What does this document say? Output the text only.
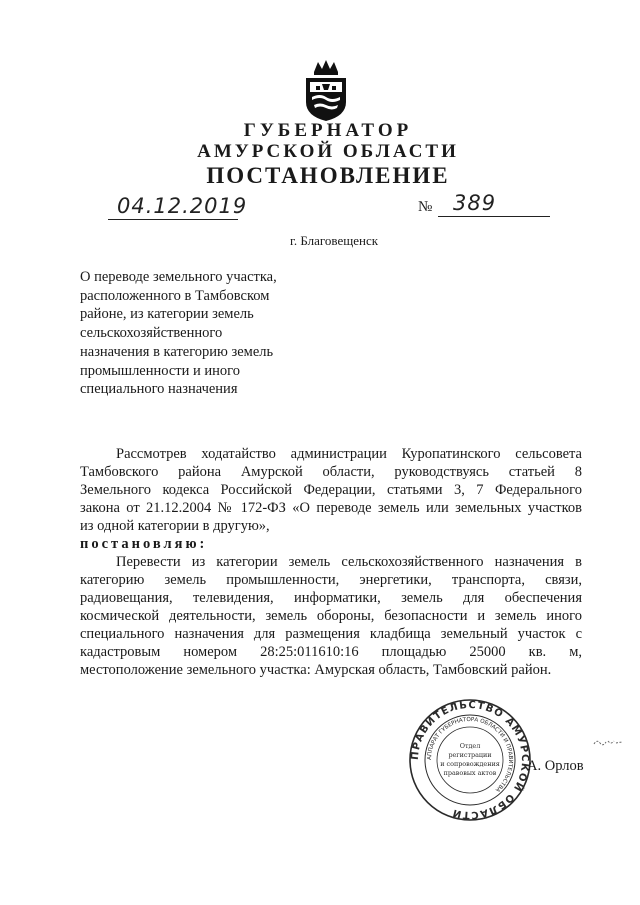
ГУБЕРНАТОР
АМУРСКОЙ ОБЛАСТИ
ПОСТАНОВЛЕНИЕ
04.12.2019	№ 389
г. Благовещенск
О переводе земельного участка,
расположенного в Тамбовском
районе, из категории земель
сельскохозяйственного
назначения в категорию земель
промышленности и иного
специального назначения
Рассмотрев ходатайство администрации Куропатинского сельсовета
Тамбовского района Амурской области, руководствуясь статьей 8
Земельного кодекса Российской Федерации, статьями 3, 7 Федерального
закона от 21.12.2004 № 172-ФЗ «О переводе земель или земельных участков
из одной категории в другую»,
постановляю:
Перевести из категории земель сельскохозяйственного назначения в
категорию земель промышленности, энергетики, транспорта, связи,
радиовещания, телевидения, информатики, земель для обеспечения
космической деятельности, земель обороны, безопасности и земель иного
специального назначения для размещения кладбища земельный участок с
кадастровым номером 28:25:011610:16 площадью 25000 кв. м,
местоположение земельного участка: Амурская область, Тамбовский район.
ПРАВИТЕЛЬСТВО АМУРСКОЙ ОБЛАСТИ
АППАРАТ ГУБЕРНАТОРА ОБЛАСТИ И ПРАВИТЕЛЬСТВА
Отдел
регистрации
и сопровождения
правовых актов А. Орлов
